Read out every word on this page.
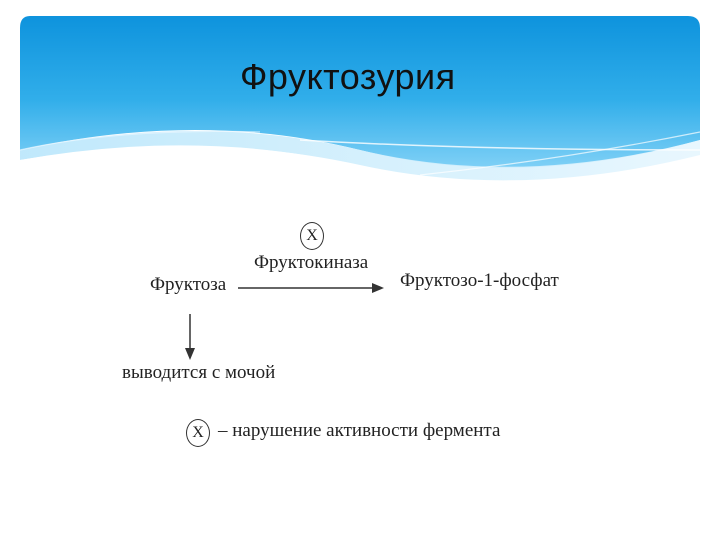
Фруктозурия
X
Фруктокиназа
Фруктоза	Фруктозо-1-фосфат
выводится с мочой
X – нарушение активности фермента
